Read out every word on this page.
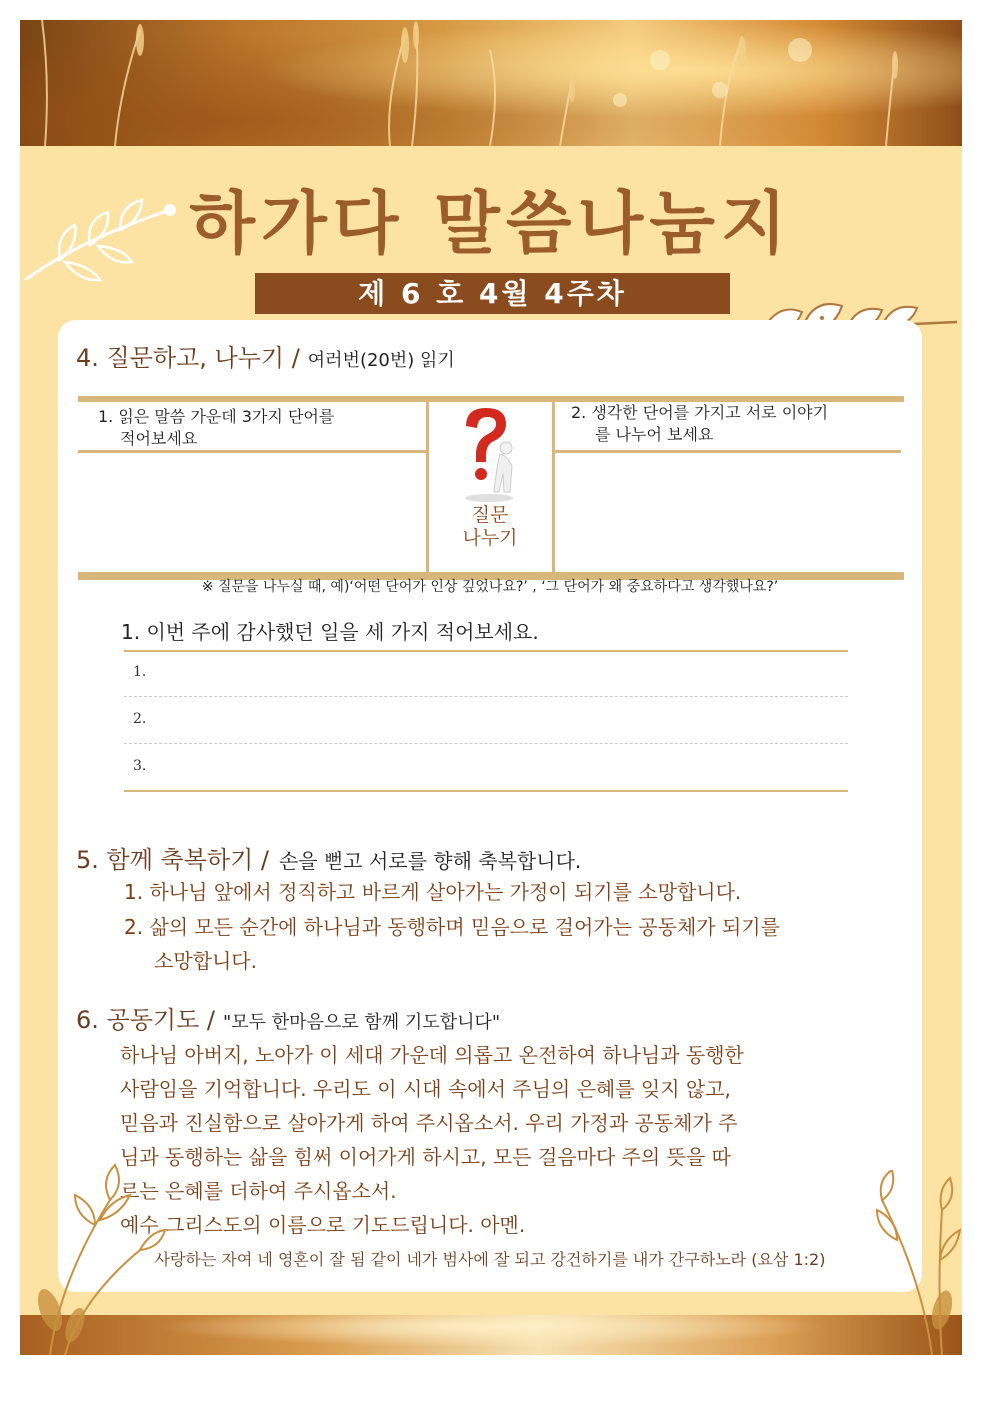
하가다 말씀나눔지
제 6 호 4월 4주차
4. 질문하고, 나누기 / 여러번(20번) 읽기
1. 읽은 말씀 가운데 3가지 단어를
적어보세요
질문
나누기
2. 생각한 단어를 가지고 서로 이야기
를 나누어 보세요
※ 질문을 나누실 때, 예)‘어떤 단어가 인상 깊었나요?’ , ‘그 단어가 왜 중요하다고 생각했나요?’
1. 이번 주에 감사했던 일을 세 가지 적어보세요.
1.
2.
3.
5. 함께 축복하기 / 손을 뻗고 서로를 향해 축복합니다.
1. 하나님 앞에서 정직하고 바르게 살아가는 가정이 되기를 소망합니다.
2. 삶의 모든 순간에 하나님과 동행하며 믿음으로 걸어가는 공동체가 되기를
소망합니다.
6. 공동기도 / "모두 한마음으로 함께 기도합니다"
하나님 아버지, 노아가 이 세대 가운데 의롭고 온전하여 하나님과 동행한
사람임을 기억합니다. 우리도 이 시대 속에서 주님의 은혜를 잊지 않고,
믿음과 진실함으로 살아가게 하여 주시옵소서. 우리 가정과 공동체가 주
님과 동행하는 삶을 힘써 이어가게 하시고, 모든 걸음마다 주의 뜻을 따
르는 은혜를 더하여 주시옵소서.
예수 그리스도의 이름으로 기도드립니다. 아멘.
사랑하는 자여 네 영혼이 잘 됨 같이 네가 범사에 잘 되고 강건하기를 내가 간구하노라 (요삼 1:2)
